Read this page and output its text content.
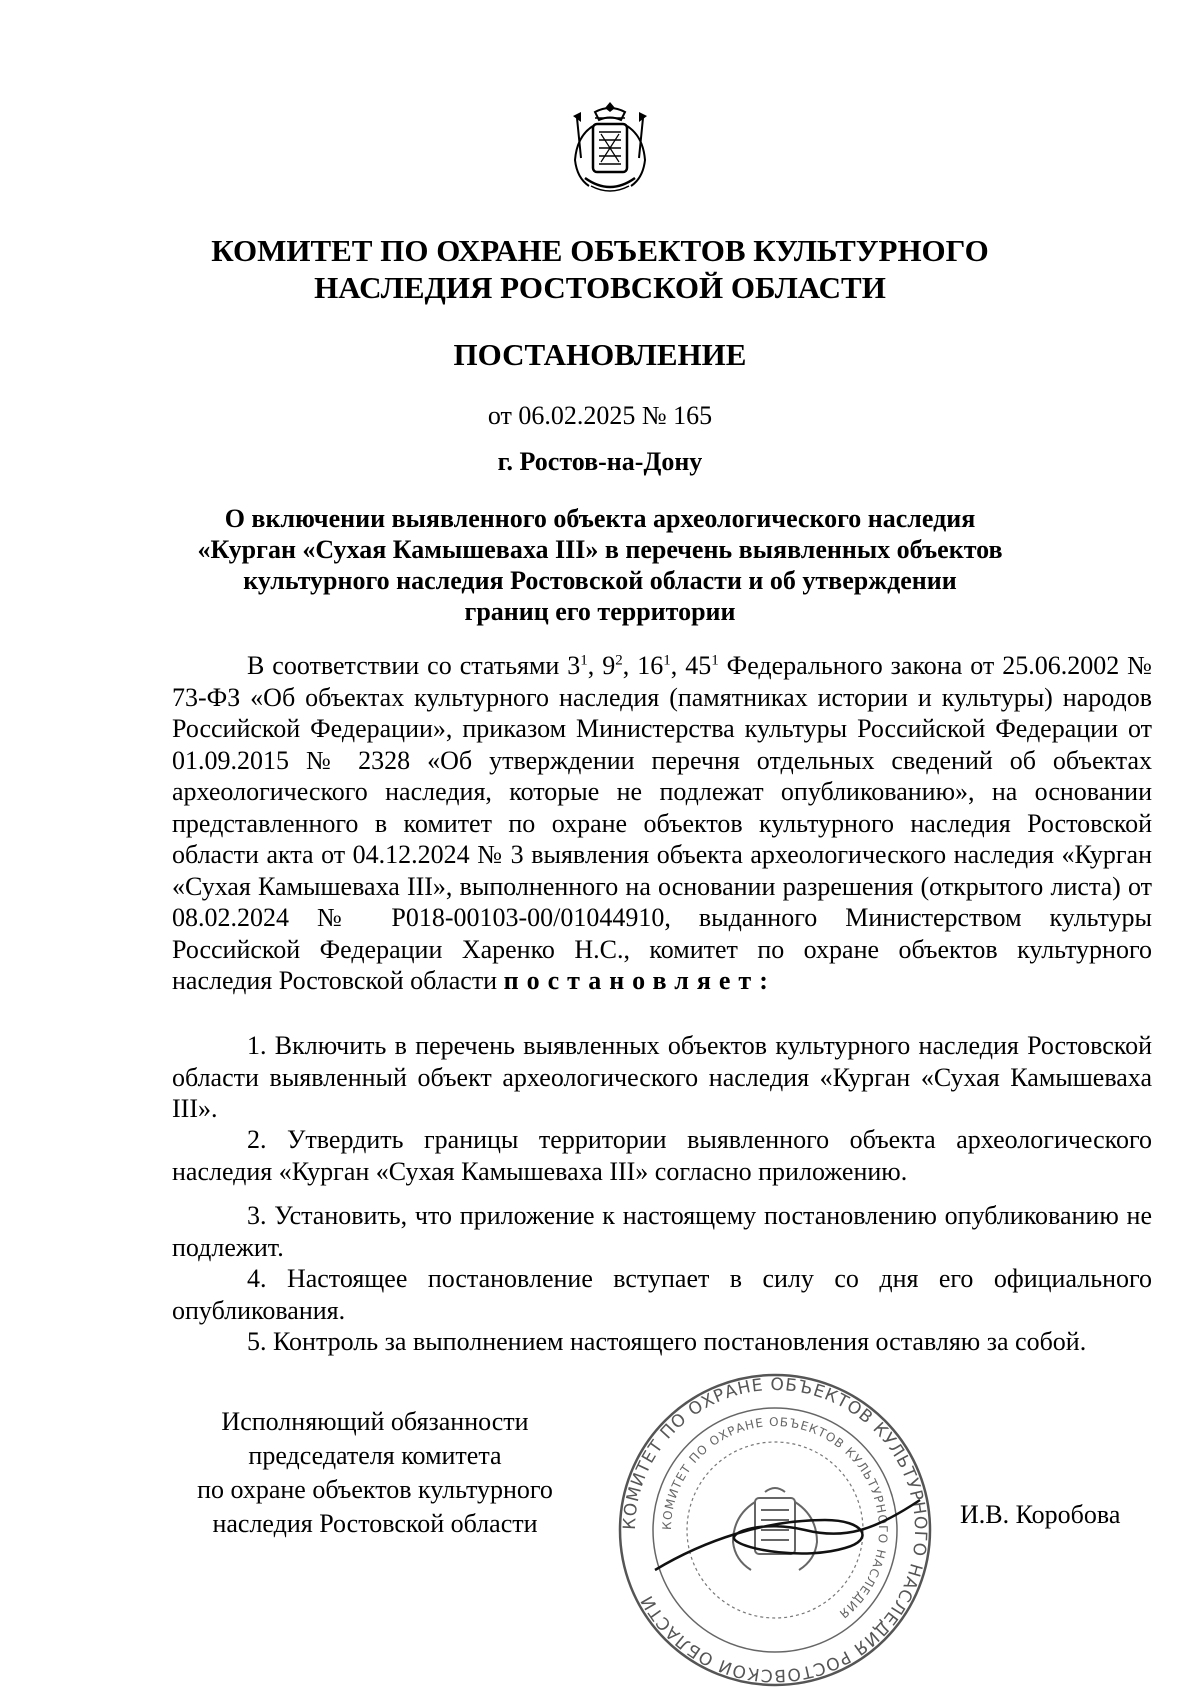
КОМИТЕТ ПО ОХРАНЕ ОБЪЕКТОВ КУЛЬТУРНОГО
НАСЛЕДИЯ РОСТОВСКОЙ ОБЛАСТИ
ПОСТАНОВЛЕНИЕ
от 06.02.2025 № 165
г. Ростов-на-Дону
О включении выявленного объекта археологического наследия
«Курган «Сухая Камышеваха III» в перечень выявленных объектов
культурного наследия Ростовской области и об утверждении
границ его территории

В соответствии со статьями $3^1$, $9^2$, $16^1$, $45^1$ Федерального закона от 25.06.2002 № 73-ФЗ «Об объектах культурного наследия (памятниках истории и культуры) народов Российской Федерации», приказом Министерства культуры Российской Федерации от 01.09.2015 № 2328 «Об утверждении перечня отдельных сведений об объектах археологического наследия, которые не подлежат опубликованию», на основании представленного в комитет по охране объектов культурного наследия Ростовской области акта от 04.12.2024 № 3 выявления объекта археологического наследия «Курган «Сухая Камышеваха III», выполненного на основании разрешения (открытого листа) от 08.02.2024 № Р018-00103-00/01044910, выданного Министерством культуры Российской Федерации Харенко Н.С., комитет по охране объектов культурного наследия Ростовской области постановляет:

1. Включить в перечень выявленных объектов культурного наследия Ростовской области выявленный объект археологического наследия «Курган «Сухая Камышеваха III».

2. Утвердить границы территории выявленного объекта археологического наследия «Курган «Сухая Камышеваха III» согласно приложению.

3. Установить, что приложение к настоящему постановлению опубликованию не подлежит.

4. Настоящее постановление вступает в силу со дня его официального опубликования.

5. Контроль за выполнением настоящего постановления оставляю за собой.

Исполняющий обязанности
председателя комитета
по охране объектов культурного
наследия Ростовской области	КОМИТЕТ ПО ОХРАНЕ ОБЪЕКТОВ КУЛЬТУРНОГО НАСЛЕДИЯ РОСТОВСКОЙ ОБЛАСТИ
КОМИТЕТ ПО ОХРАНЕ ОБЪЕКТОВ КУЛЬТУРНОГО НАСЛЕДИЯ
И.В. Коробова
